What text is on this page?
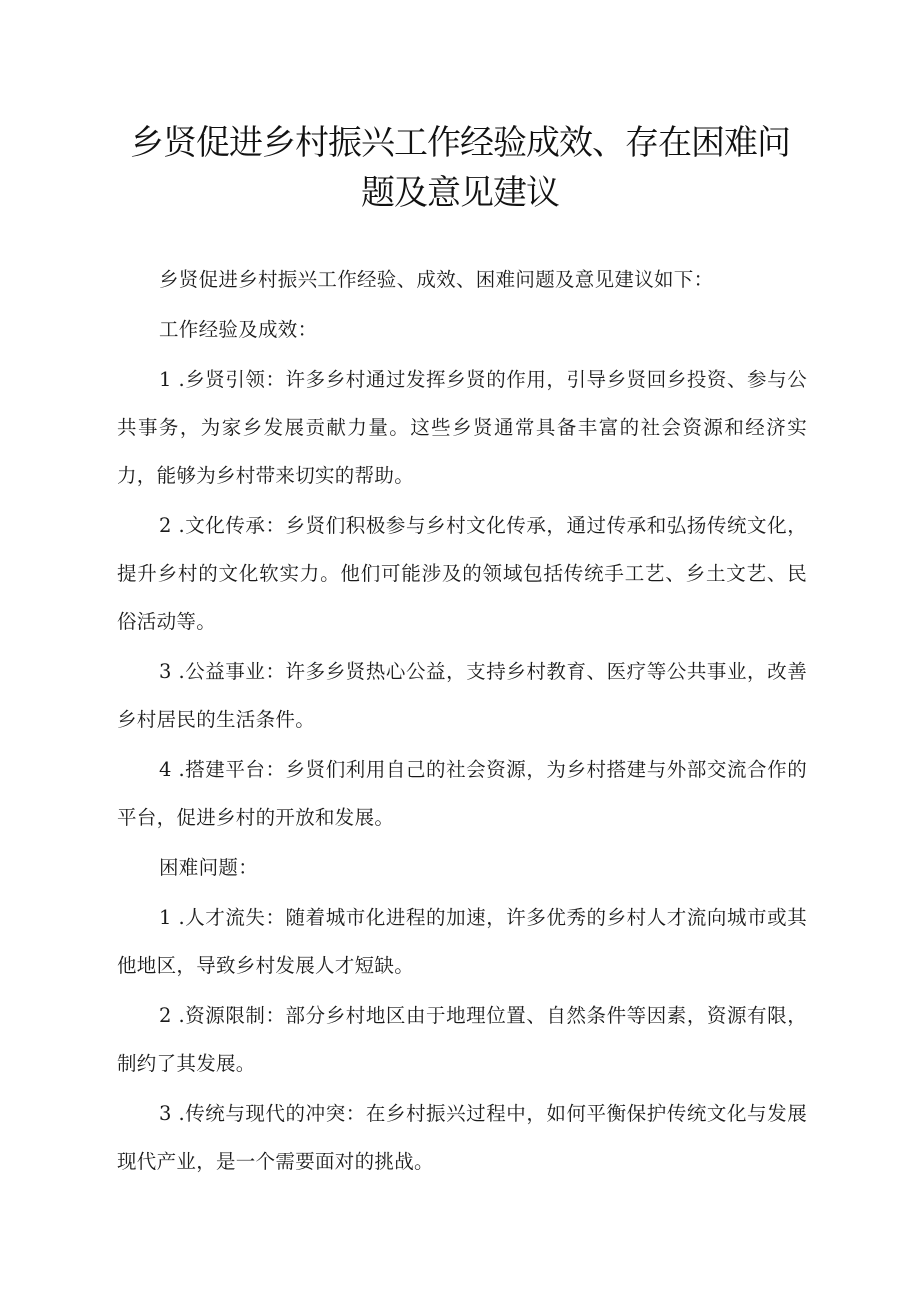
乡贤促进乡村振兴工作经验成效、存在困难问
题及意见建议

乡贤促进乡村振兴工作经验、成效、困难问题及意见建议如下：

工作经验及成效：

1 .乡贤引领：许多乡村通过发挥乡贤的作用，引导乡贤回乡投资、参与公共事务，为家乡发展贡献力量。这些乡贤通常具备丰富的社会资源和经济实力，能够为乡村带来切实的帮助。

2 .文化传承：乡贤们积极参与乡村文化传承，通过传承和弘扬传统文化，提升乡村的文化软实力。他们可能涉及的领域包括传统手工艺、乡土文艺、民俗活动等。

3 .公益事业：许多乡贤热心公益，支持乡村教育、医疗等公共事业，改善乡村居民的生活条件。

4 .搭建平台：乡贤们利用自己的社会资源，为乡村搭建与外部交流合作的平台，促进乡村的开放和发展。

困难问题：

1 .人才流失：随着城市化进程的加速，许多优秀的乡村人才流向城市或其他地区，导致乡村发展人才短缺。

2 .资源限制：部分乡村地区由于地理位置、自然条件等因素，资源有限，制约了其发展。

3 .传统与现代的冲突：在乡村振兴过程中，如何平衡保护传统文化与发展现代产业，是一个需要面对的挑战。
